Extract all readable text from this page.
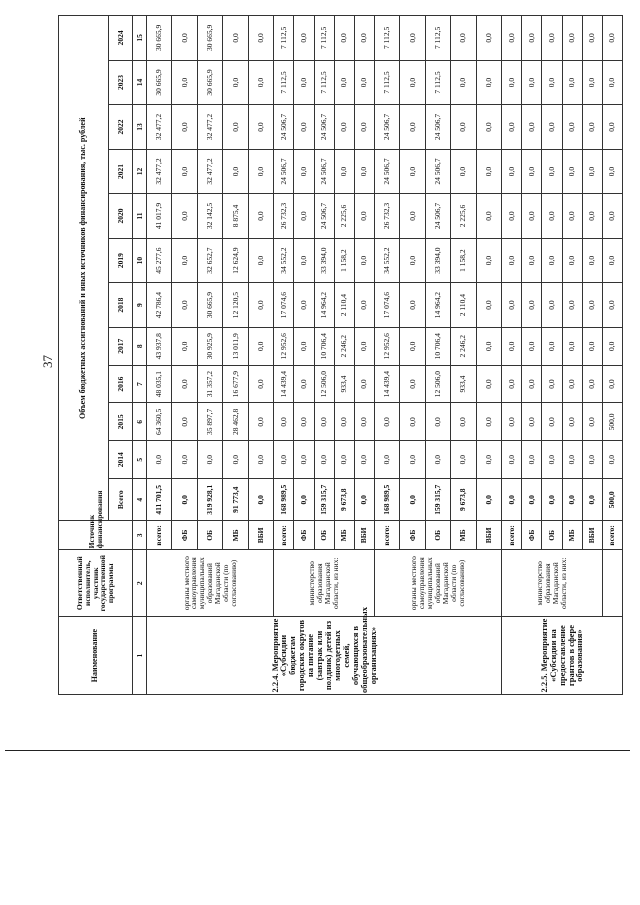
37
Наименование	Ответственный исполнитель, участник государственной программы	Источник финансирования	Объем бюджетных ассигнований и иных источников финансирования, тыс. рублей											
			Всего	2014	2015	2016	2017	2018	2019	2020	2021	2022	2023	2024
1	2	3	4	5	6	7	8	9	10	11	12	13	14	15
2.2.4. Мероприятие «Субсидии бюджетам городских округов на питание (завтрак или полдник) детей из многодетных семей, обучающихся в общеобразовательных организациях»	органы местного самоуправления муниципальных образований Магаданской области (по согласованию)	всего:	411 701,5	0,0	64 360,5	48 035,1	43 937,8	42 786,4	45 277,6	41 017,9	32 477,2	32 477,2	30 665,9	30 665,9
		ФБ	0,0	0,0	0,0	0,0	0,0	0,0	0,0	0,0	0,0	0,0	0,0	0,0
		ОБ	319 928,1	0,0	35 897,7	31 357,2	30 925,9	30 665,9	32 652,7	32 142,5	32 477,2	32 477,2	30 665,9	30 665,9
		МБ	91 773,4	0,0	28 462,8	16 677,9	13 011,9	12 120,5	12 624,9	8 875,4	0,0	0,0	0,0	0,0
		ВБИ	0,0	0,0	0,0	0,0	0,0	0,0	0,0	0,0	0,0	0,0	0,0	0,0
	министерство образования Магаданской области, из них:	всего:	168 989,5	0,0	0,0	14 439,4	12 952,6	17 074,6	34 552,2	26 732,3	24 506,7	24 506,7	7 112,5	7 112,5
		ФБ	0,0	0,0	0,0	0,0	0,0	0,0	0,0	0,0	0,0	0,0	0,0	0,0
		ОБ	159 315,7	0,0	0,0	12 506,0	10 706,4	14 964,2	33 394,0	24 506,7	24 506,7	24 506,7	7 112,5	7 112,5
		МБ	9 673,8	0,0	0,0	933,4	2 246,2	2 110,4	1 158,2	2 225,6	0,0	0,0	0,0	0,0
		ВБИ	0,0	0,0	0,0	0,0	0,0	0,0	0,0	0,0	0,0	0,0	0,0	0,0
	органы местного самоуправления муниципальных образований Магаданской области (по согласованию)	всего:	168 989,5	0,0	0,0	14 439,4	12 952,6	17 074,6	34 552,2	26 732,3	24 506,7	24 506,7	7 112,5	7 112,5
		ФБ	0,0	0,0	0,0	0,0	0,0	0,0	0,0	0,0	0,0	0,0	0,0	0,0
		ОБ	159 315,7	0,0	0,0	12 506,0	10 706,4	14 964,2	33 394,0	24 506,7	24 506,7	24 506,7	7 112,5	7 112,5
		МБ	9 673,8	0,0	0,0	933,4	2 246,2	2 110,4	1 158,2	2 225,6	0,0	0,0	0,0	0,0
		ВБИ	0,0	0,0	0,0	0,0	0,0	0,0	0,0	0,0	0,0	0,0	0,0	0,0
2.2.5. Мероприятие «Субсидии на предоставление грантов в сфере образования»	министерство образования Магаданской области, из них:	всего:	0,0	0,0	0,0	0,0	0,0	0,0	0,0	0,0	0,0	0,0	0,0	0,0
		ФБ	0,0	0,0	0,0	0,0	0,0	0,0	0,0	0,0	0,0	0,0	0,0	0,0
		ОБ	0,0	0,0	0,0	0,0	0,0	0,0	0,0	0,0	0,0	0,0	0,0	0,0
		МБ	0,0	0,0	0,0	0,0	0,0	0,0	0,0	0,0	0,0	0,0	0,0	0,0
		ВБИ	0,0	0,0	0,0	0,0	0,0	0,0	0,0	0,0	0,0	0,0	0,0	0,0
		всего:	500,0	0,0	500,0	0,0	0,0	0,0	0,0	0,0	0,0	0,0	0,0	0,0
